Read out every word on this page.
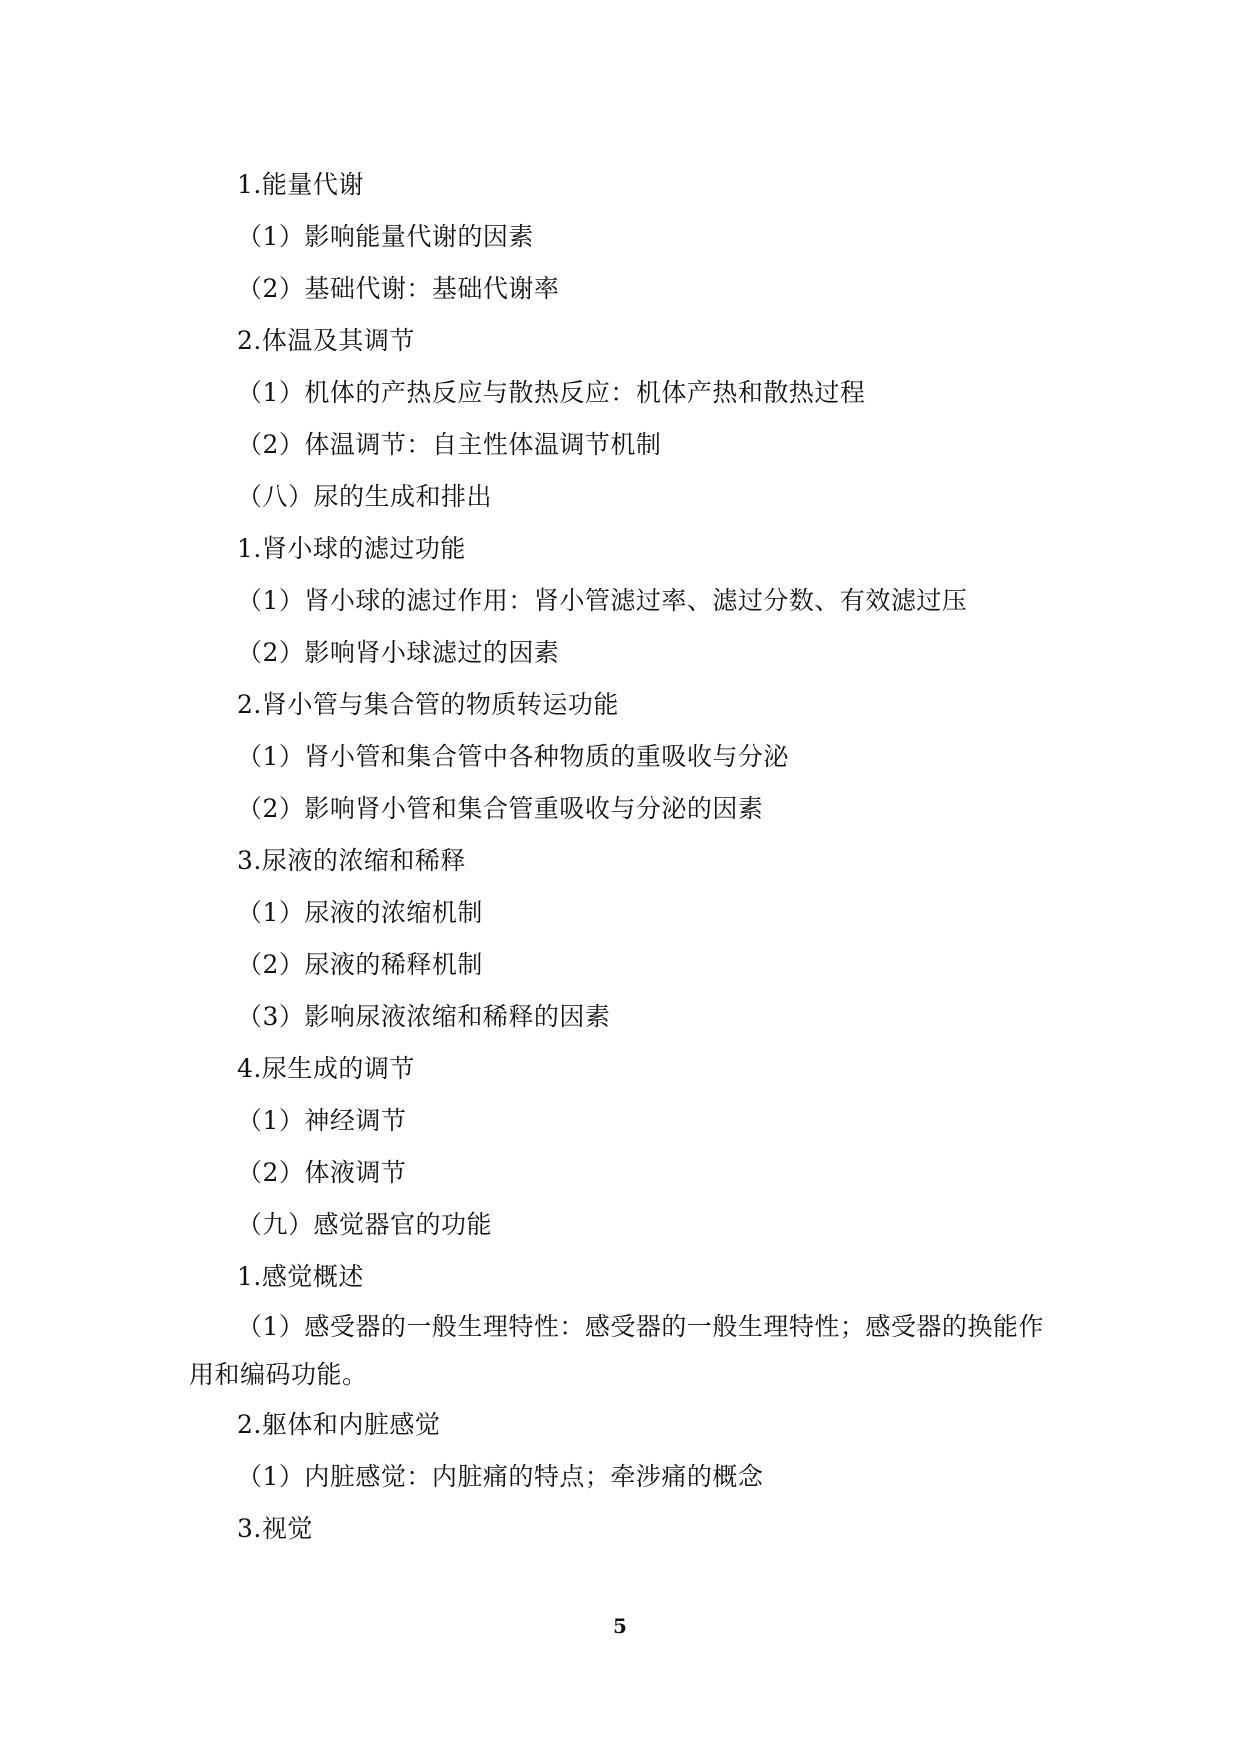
1.能量代谢
（1）影响能量代谢的因素
（2）基础代谢：基础代谢率
2.体温及其调节
（1）机体的产热反应与散热反应：机体产热和散热过程
（2）体温调节：自主性体温调节机制
（八）尿的生成和排出
1.肾小球的滤过功能
（1）肾小球的滤过作用：肾小管滤过率、滤过分数、有效滤过压
（2）影响肾小球滤过的因素
2.肾小管与集合管的物质转运功能
（1）肾小管和集合管中各种物质的重吸收与分泌
（2）影响肾小管和集合管重吸收与分泌的因素
3.尿液的浓缩和稀释
（1）尿液的浓缩机制
（2）尿液的稀释机制
（3）影响尿液浓缩和稀释的因素
4.尿生成的调节
（1）神经调节
（2）体液调节
（九）感觉器官的功能
1.感觉概述
（1）感受器的一般生理特性：感受器的一般生理特性；感受器的换能作用和编码功能。
2.躯体和内脏感觉
（1）内脏感觉：内脏痛的特点；牵涉痛的概念
3.视觉
5
